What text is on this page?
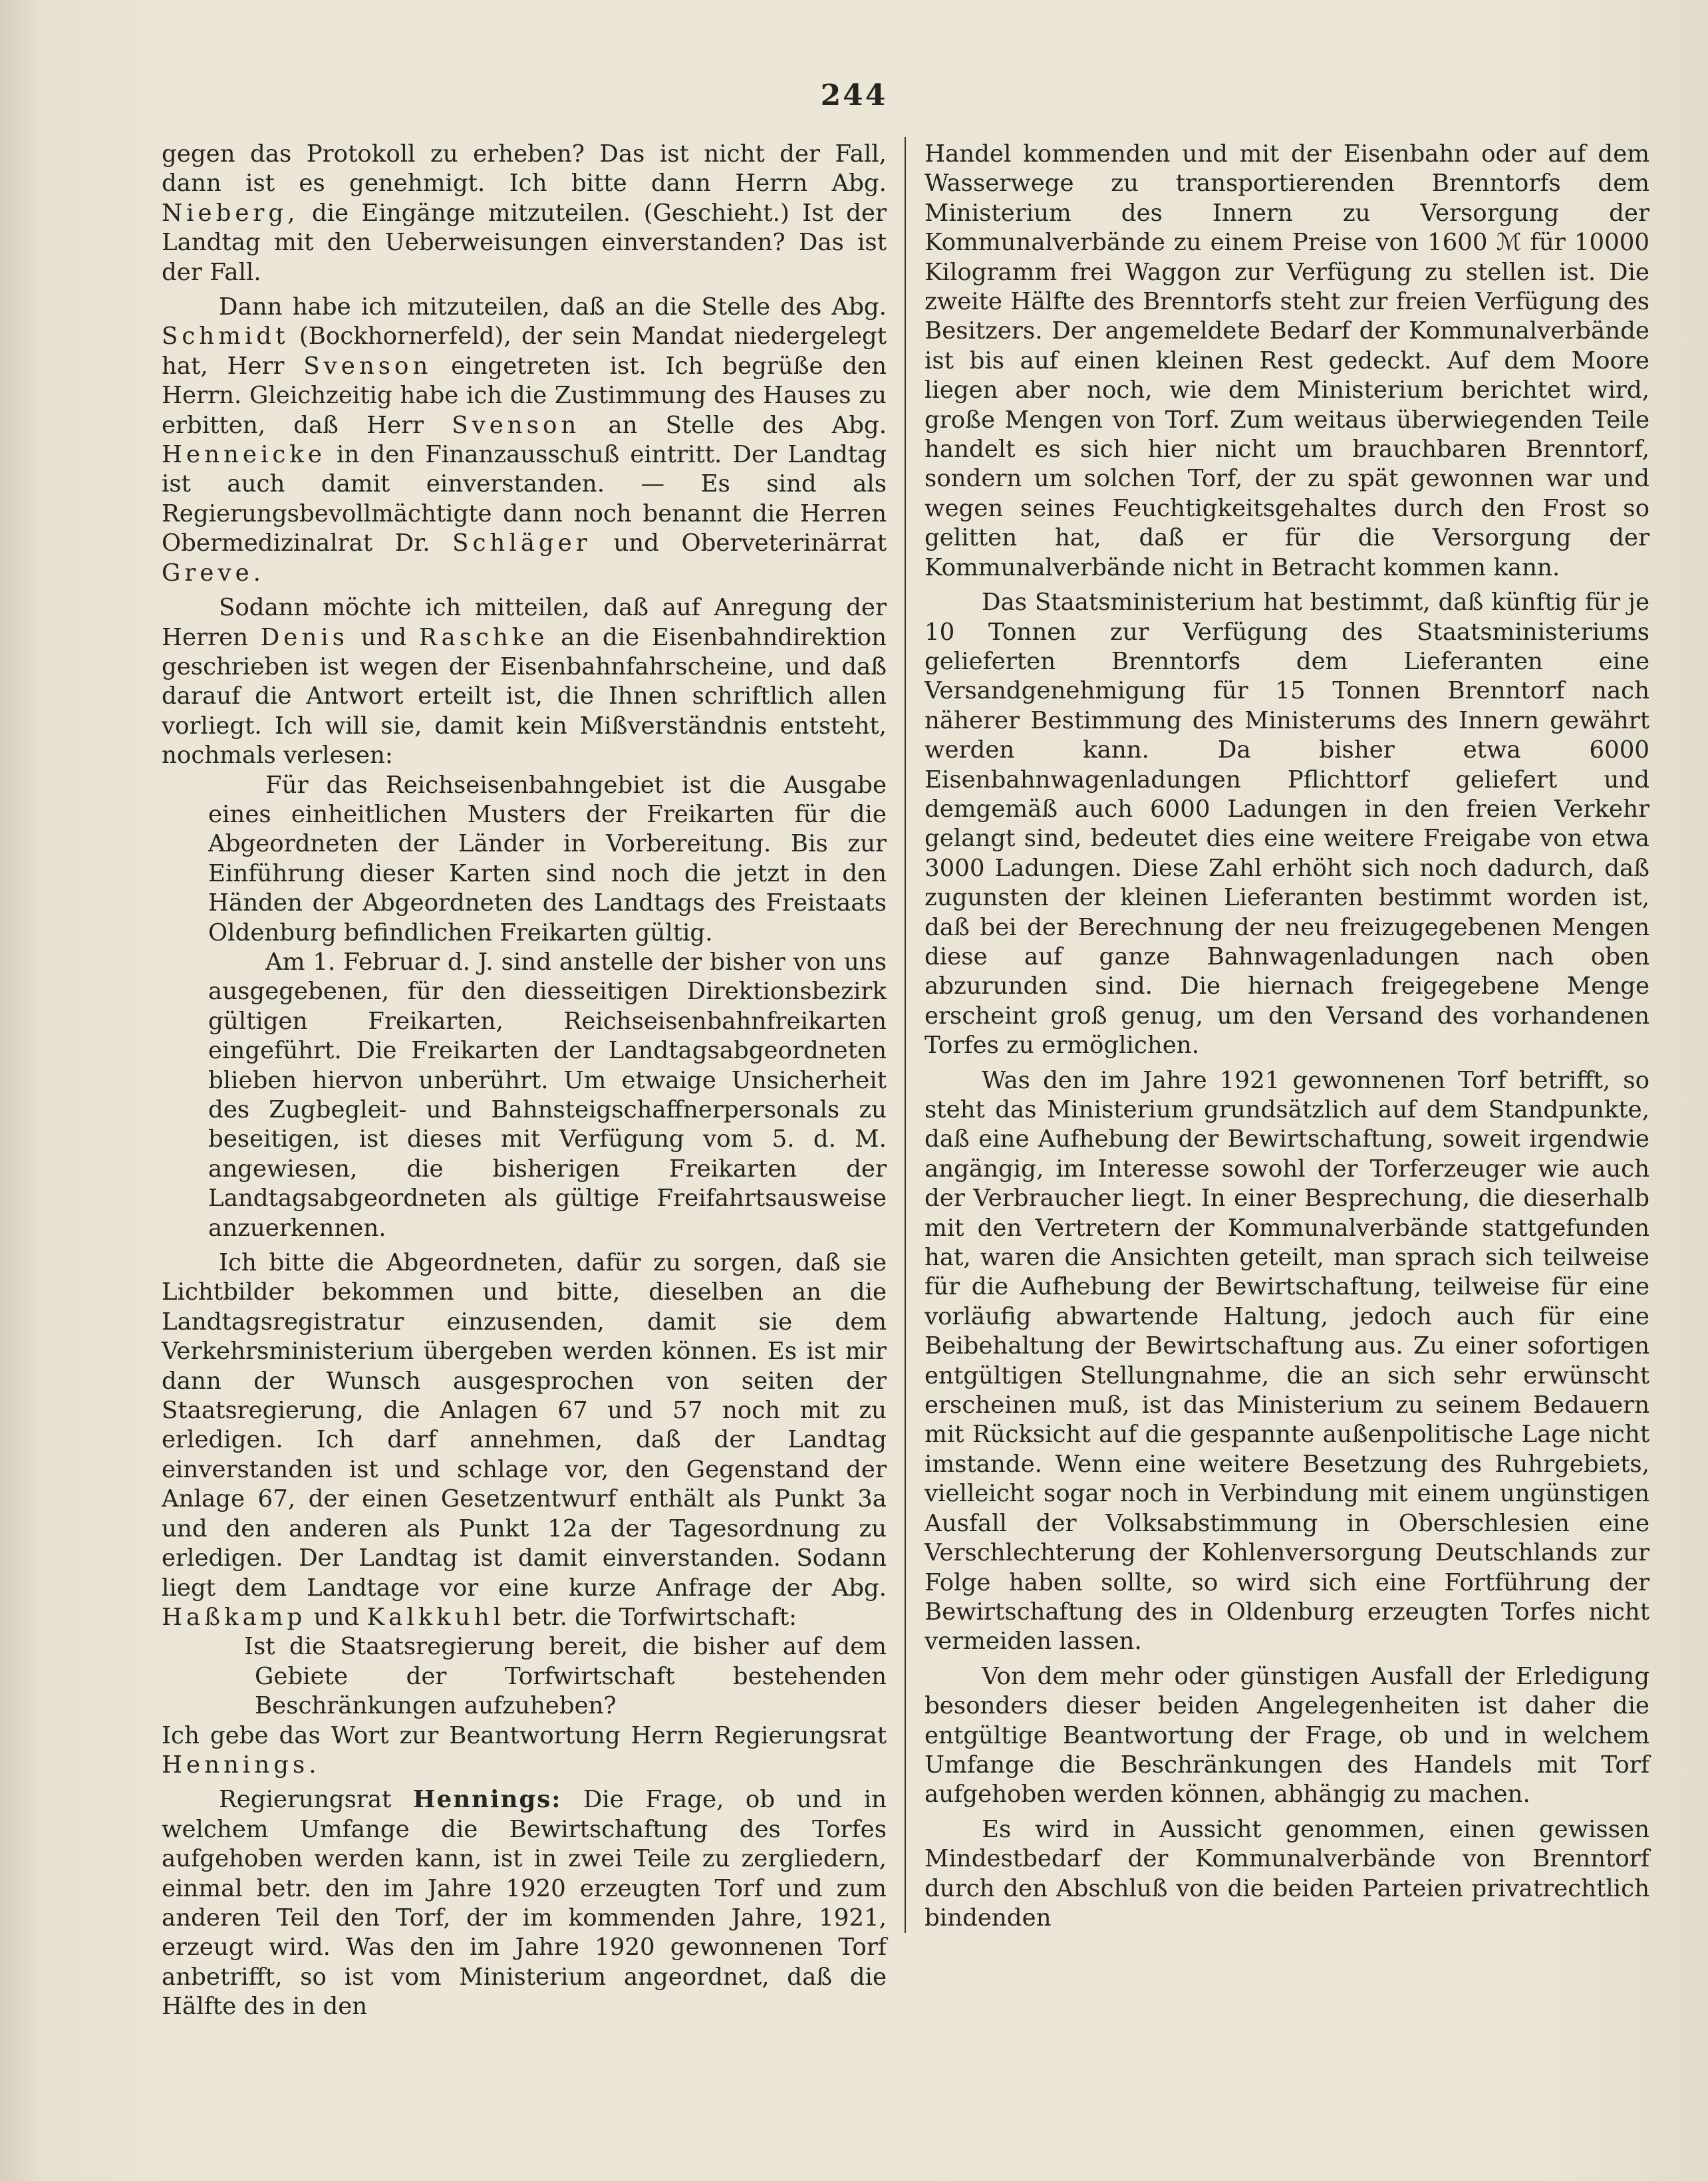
244

gegen das Protokoll zu erheben? Das ist nicht der Fall, dann ist es genehmigt. Ich bitte dann Herrn Abg. Nieberg, die Eingänge mitzuteilen. (Geschieht.) Ist der Landtag mit den Ueberweisungen einverstanden? Das ist der Fall.

Dann habe ich mitzuteilen, daß an die Stelle des Abg. Schmidt (Bockhornerfeld), der sein Mandat niedergelegt hat, Herr Svenson eingetreten ist. Ich begrüße den Herrn. Gleichzeitig habe ich die Zustimmung des Hauses zu erbitten, daß Herr Svenson an Stelle des Abg. Henneicke in den Finanzausschuß eintritt. Der Landtag ist auch damit einverstanden. — Es sind als Regierungsbevollmächtigte dann noch benannt die Herren Obermedizinalrat Dr. Schläger und Oberveterinärrat Greve.

Sodann möchte ich mitteilen, daß auf Anregung der Herren Denis und Raschke an die Eisenbahndirektion geschrieben ist wegen der Eisenbahnfahrscheine, und daß darauf die Antwort erteilt ist, die Ihnen schriftlich allen vorliegt. Ich will sie, damit kein Mißverständnis entsteht, nochmals verlesen:

Für das Reichseisenbahngebiet ist die Ausgabe eines einheitlichen Musters der Freikarten für die Abgeordneten der Länder in Vorbereitung. Bis zur Einführung dieser Karten sind noch die jetzt in den Händen der Abgeordneten des Landtags des Freistaats Oldenburg befindlichen Freikarten gültig.

Am 1. Februar d. J. sind anstelle der bisher von uns ausgegebenen, für den diesseitigen Direktionsbezirk gültigen Freikarten, Reichseisenbahnfreikarten eingeführt. Die Freikarten der Landtagsabgeordneten blieben hiervon unberührt. Um etwaige Unsicherheit des Zugbegleit- und Bahnsteigschaffnerpersonals zu beseitigen, ist dieses mit Verfügung vom 5. d. M. angewiesen, die bisherigen Freikarten der Landtagsabgeordneten als gültige Freifahrtsausweise anzuerkennen.

Ich bitte die Abgeordneten, dafür zu sorgen, daß sie Lichtbilder bekommen und bitte, dieselben an die Landtagsregistratur einzusenden, damit sie dem Verkehrsministerium übergeben werden können. Es ist mir dann der Wunsch ausgesprochen von seiten der Staatsregierung, die Anlagen 67 und 57 noch mit zu erledigen. Ich darf annehmen, daß der Landtag einverstanden ist und schlage vor, den Gegenstand der Anlage 67, der einen Gesetzentwurf enthält als Punkt 3a und den anderen als Punkt 12a der Tagesordnung zu erledigen. Der Landtag ist damit einverstanden. Sodann liegt dem Landtage vor eine kurze Anfrage der Abg. Haßkamp und Kalkkuhl betr. die Torfwirtschaft:

Ist die Staatsregierung bereit, die bisher auf dem Gebiete der Torfwirtschaft bestehenden Beschränkungen aufzuheben?

Ich gebe das Wort zur Beantwortung Herrn Regierungsrat Hennings.

Regierungsrat Hennings: Die Frage, ob und in welchem Umfange die Bewirtschaftung des Torfes aufgehoben werden kann, ist in zwei Teile zu zergliedern, einmal betr. den im Jahre 1920 erzeugten Torf und zum anderen Teil den Torf, der im kommenden Jahre, 1921, erzeugt wird. Was den im Jahre 1920 gewonnenen Torf anbetrifft, so ist vom Ministerium angeordnet, daß die Hälfte des in den

Handel kommenden und mit der Eisenbahn oder auf dem Wasserwege zu transportierenden Brenntorfs dem Ministerium des Innern zu Versorgung der Kommunalverbände zu einem Preise von 1600 ℳ für 10000 Kilogramm frei Waggon zur Verfügung zu stellen ist. Die zweite Hälfte des Brenntorfs steht zur freien Verfügung des Besitzers. Der angemeldete Bedarf der Kommunalverbände ist bis auf einen kleinen Rest gedeckt. Auf dem Moore liegen aber noch, wie dem Ministerium berichtet wird, große Mengen von Torf. Zum weitaus überwiegenden Teile handelt es sich hier nicht um brauchbaren Brenntorf, sondern um solchen Torf, der zu spät gewonnen war und wegen seines Feuchtigkeitsgehaltes durch den Frost so gelitten hat, daß er für die Versorgung der Kommunalverbände nicht in Betracht kommen kann.

Das Staatsministerium hat bestimmt, daß künftig für je 10 Tonnen zur Verfügung des Staatsministeriums gelieferten Brenntorfs dem Lieferanten eine Versandgenehmigung für 15 Tonnen Brenntorf nach näherer Bestimmung des Ministerums des Innern gewährt werden kann. Da bisher etwa 6000 Eisenbahnwagenladungen Pflichttorf geliefert und demgemäß auch 6000 Ladungen in den freien Verkehr gelangt sind, bedeutet dies eine weitere Freigabe von etwa 3000 Ladungen. Diese Zahl erhöht sich noch dadurch, daß zugunsten der kleinen Lieferanten bestimmt worden ist, daß bei der Berechnung der neu freizugegebenen Mengen diese auf ganze Bahnwagenladungen nach oben abzurunden sind. Die hiernach freigegebene Menge erscheint groß genug, um den Versand des vorhandenen Torfes zu ermöglichen.

Was den im Jahre 1921 gewonnenen Torf betrifft, so steht das Ministerium grundsätzlich auf dem Standpunkte, daß eine Aufhebung der Bewirtschaftung, soweit irgendwie angängig, im Interesse sowohl der Torferzeuger wie auch der Verbraucher liegt. In einer Besprechung, die dieserhalb mit den Vertretern der Kommunalverbände stattgefunden hat, waren die Ansichten geteilt, man sprach sich teilweise für die Aufhebung der Bewirtschaftung, teilweise für eine vorläufig abwartende Haltung, jedoch auch für eine Beibehaltung der Bewirtschaftung aus. Zu einer sofortigen entgültigen Stellungnahme, die an sich sehr erwünscht erscheinen muß, ist das Ministerium zu seinem Bedauern mit Rücksicht auf die gespannte außenpolitische Lage nicht imstande. Wenn eine weitere Besetzung des Ruhrgebiets, vielleicht sogar noch in Verbindung mit einem ungünstigen Ausfall der Volksabstimmung in Oberschlesien eine Verschlechterung der Kohlenversorgung Deutschlands zur Folge haben sollte, so wird sich eine Fortführung der Bewirtschaftung des in Oldenburg erzeugten Torfes nicht vermeiden lassen.

Von dem mehr oder günstigen Ausfall der Erledigung besonders dieser beiden Angelegenheiten ist daher die entgültige Beantwortung der Frage, ob und in welchem Umfange die Beschränkungen des Handels mit Torf aufgehoben werden können, abhängig zu machen.

Es wird in Aussicht genommen, einen gewissen Mindestbedarf der Kommunalverbände von Brenntorf durch den Abschluß von die beiden Parteien privatrechtlich bindenden
